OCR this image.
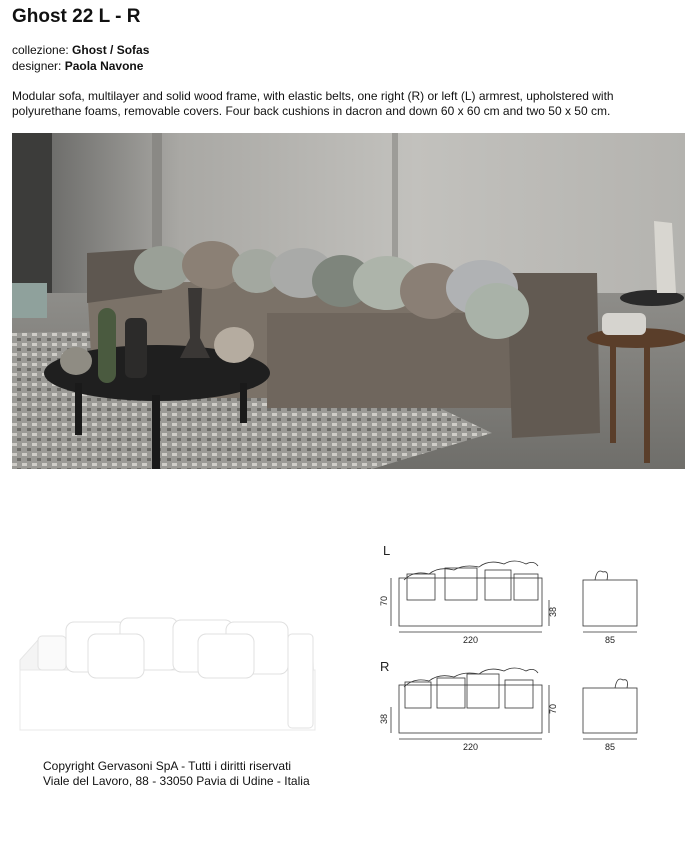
Ghost 22 L - R
collezione: Ghost / Sofas
designer: Paola Navone
Modular sofa, multilayer and solid wood frame, with elastic belts, one right (R) or left (L) armrest, upholstered with polyurethane foams, removable covers. Four back cushions in dacron and down 60 x 60 cm and two 50 x 50 cm.
L
70
38
220	85
R
38
70
220	85
Copyright Gervasoni SpA - Tutti i diritti riservati
Viale del Lavoro, 88 - 33050 Pavia di Udine - Italia
